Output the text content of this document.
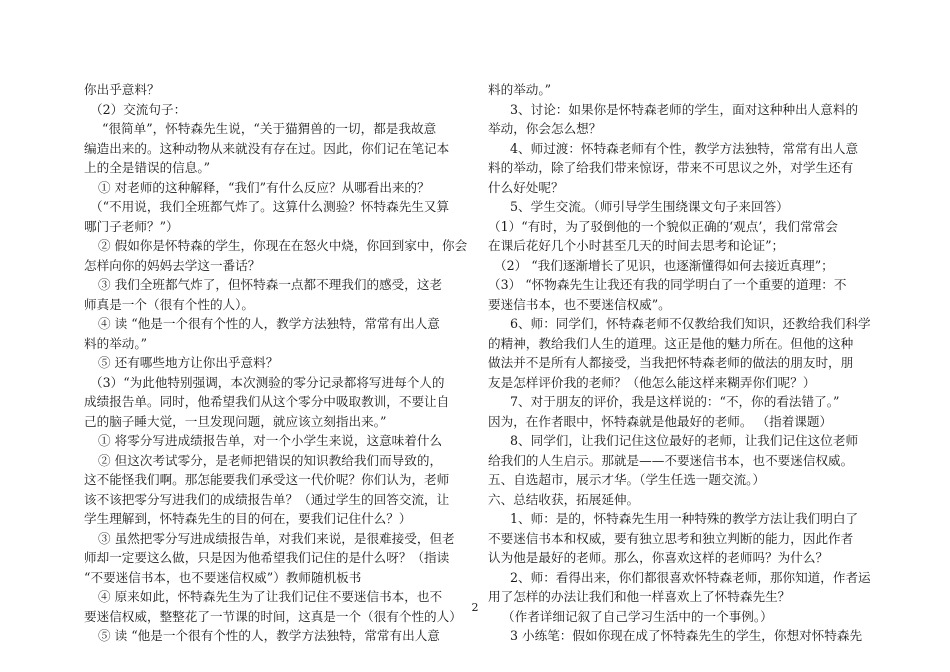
你出乎意料？
（2）交流句子：
“很简单”，怀特森先生说，“关于猫猬兽的一切，都是我故意
编造出来的。这种动物从来就没有存在过。因此，你们记在笔记本
上的全是错误的信息。”
① 对老师的这种解释，“我们”有什么反应？从哪看出来的？
（“不用说，我们全班都气炸了。这算什么测验？怀特森先生又算
哪门子老师？”）
② 假如你是怀特森的学生，你现在在怒火中烧，你回到家中，你会
怎样向你的妈妈去学这一番话？
③ 我们全班都气炸了，但怀特森一点都不理我们的感受，这老
师真是一个（很有个性的人）。
④ 读 “他是一个很有个性的人，教学方法独特，常常有出人意
料的举动。”
⑤ 还有哪些地方让你出乎意料？
（3）“为此他特别强调，本次测验的零分记录都将写进每个人的
成绩报告单。同时，他希望我们从这个零分中吸取教训，不要让自
己的脑子睡大觉，一旦发现问题，就应该立刻指出来。”
① 将零分写进成绩报告单，对一个小学生来说，这意味着什么
② 但这次考试零分，是老师把错误的知识教给我们而导致的，
这不能怪我们啊。那怎能要我们承受这一代价呢？你们认为，老师
该不该把零分写进我们的成绩报告单？（通过学生的回答交流，让
学生理解到，怀特森先生的目的何在，要我们记住什么？）
③ 虽然把零分写进成绩报告单，对我们来说，是很难接受，但老
师却一定要这么做，只是因为他希望我们记住的是什么呀？（指读
“不要迷信书本，也不要迷信权威”）教师随机板书
④ 原来如此，怀特森先生为了让我们记住不要迷信书本，也不
要迷信权威，整整花了一节课的时间，这真是一个（很有个性的人）
⑤ 读 “他是一个很有个性的人，教学方法独特，常常有出人意
料的举动。”
3、讨论：如果你是怀特森老师的学生，面对这种种出人意料的
举动，你会怎么想？
4、师过渡：怀特森老师有个性，教学方法独特，常常有出人意
料的举动，除了给我们带来惊讶，带来不可思议之外，对学生还有
什么好处呢？
5、学生交流。（师引导学生围绕课文句子来回答）
（1）“有时，为了驳倒他的一个貌似正确的‘观点’，我们常常会
在课后花好几个小时甚至几天的时间去思考和论证”；
（2） “我们逐渐增长了见识，也逐渐懂得如何去接近真理”；
（3） “怀物森先生让我还有我的同学明白了一个重要的道理：不
要迷信书本，也不要迷信权威”。
6、师：同学们，怀特森老师不仅教给我们知识，还教给我们科学
的精神，教给我们人生的道理。这正是他的魅力所在。但他的这种
做法并不是所有人都接受，当我把怀特森老师的做法的朋友时，朋
友是怎样评价我的老师？（他怎么能这样来糊弄你们呢？）
7、对于朋友的评价，我是这样说的：“不，你的看法错了。”
因为，在作者眼中，怀特森就是他最好的老师。 （指着课题）
8、同学们，让我们记住这位最好的老师，让我们记住这位老师
给我们的人生启示。那就是——不要迷信书本，也不要迷信权威。
五、自选超市，展示才华。（学生任选一题交流。）
六、总结收获，拓展延伸。
1、师：是的，怀特森先生用一种特殊的教学方法让我们明白了
不要迷信书本和权威，要有独立思考和独立判断的能力，因此作者
认为他是最好的老师。那么，你喜欢这样的老师吗？为什么？
2、师：看得出来，你们都很喜欢怀特森老师，那你知道，作者运
用了怎样的办法让我们和他一样喜欢上了怀特森先生？
（作者详细记叙了自己学习生活中的一个事例。）
3 小练笔：假如你现在成了怀特森先生的学生，你想对怀特森先
2
